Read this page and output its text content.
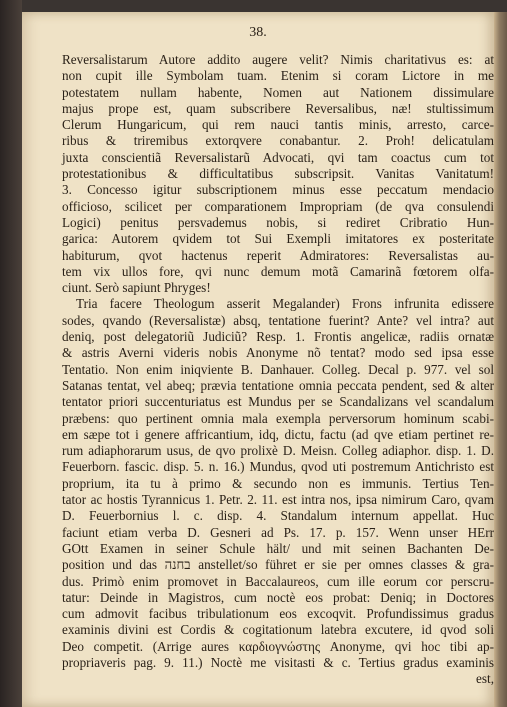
38.
Reversalistarum Autore addito augere velit? Nimis charitativus es: at
non cupit ille Symbolam tuam. Etenim si coram Lictore in me
potestatem nullam habente, Nomen aut Nationem dissimulare
majus prope est, quam subscribere Reversalibus, næ! stultissimum
Clerum Hungaricum, qui rem nauci tantis minis, arresto, carce-
ribus & triremibus extorqvere conabantur. 2. Proh! delicatulam
juxta conscientiã Reversalistarũ Advocati, qvi tam coactus cum tot
protestationibus & difficultatibus subscripsit. Vanitas Vanitatum!
3. Concesso igitur subscriptionem minus esse peccatum mendacio
officioso, scilicet per comparationem Impropriam (de qva consulendi
Logici) penitus persvademus nobis, si rediret Cribratio Hun-
garica: Autorem qvidem tot Sui Exempli imitatores ex posteritate
habiturum, qvot hactenus reperit Admiratores: Reversalistas au-
tem vix ullos fore, qvi nunc demum motã Camarinã fœtorem olfa-
ciunt. Serò sapiunt Phryges!
Tria facere Theologum asserit Megalander) Frons infrunita edissere
sodes, qvando (Reversalistæ) absq, tentatione fuerint? Ante? vel intra? aut
deniq, post delegatoriũ Judiciũ? Resp. 1. Frontis angelicæ, radiis ornatæ
& astris Averni videris nobis Anonyme nõ tentat? modo sed ipsa esse
Tentatio. Non enim iniqviente B. Danhauer. Colleg. Decal p. 977. vel sol
Satanas tentat, vel abeq; prævia tentatione omnia peccata pendent, sed & alter
tentator priori succenturiatus est Mundus per se Scandalizans vel scandalum
præbens: quo pertinent omnia mala exempla perversorum hominum scabi-
em sæpe tot i genere affricantium, idq, dictu, factu (ad qve etiam pertinet re-
rum adiaphorarum usus, de qvo prolixè D. Meisn. Colleg adiaphor. disp. 1. D.
Feuerborn. fascic. disp. 5. n. 16.) Mundus, qvod uti postremum Antichristo est
proprium, ita tu à primo & secundo non es immunis. Tertius Ten-
tator ac hostis Tyrannicus 1. Petr. 2. 11. est intra nos, ipsa nimirum Caro, qvam
D. Feuerbornius l. c. disp. 4. Standalum internum appellat. Huc
faciunt etiam verba D. Gesneri ad Ps. 17. p. 157. Wenn unser HErr
GOtt Examen in seiner Schule hält/ und mit seinen Bachanten De-
position und das בחנה anstellet/so führet er sie per omnes classes & gra-
dus. Primò enim promovet in Baccalaureos, cum ille eorum cor perscru-
tatur: Deinde in Magistros, cum noctè eos probat: Deniq; in Doctores
cum admovit facibus tribulationum eos excoqvit. Profundissimus gradus
examinis divini est Cordis & cogitationum latebra excutere, id qvod soli
Deo competit. (Arrige aures καρδιογνώστης Anonyme, qvi hoc tibi ap-
propriaveris pag. 9. 11.) Noctè me visitasti & c. Tertius gradus examinis
est,
